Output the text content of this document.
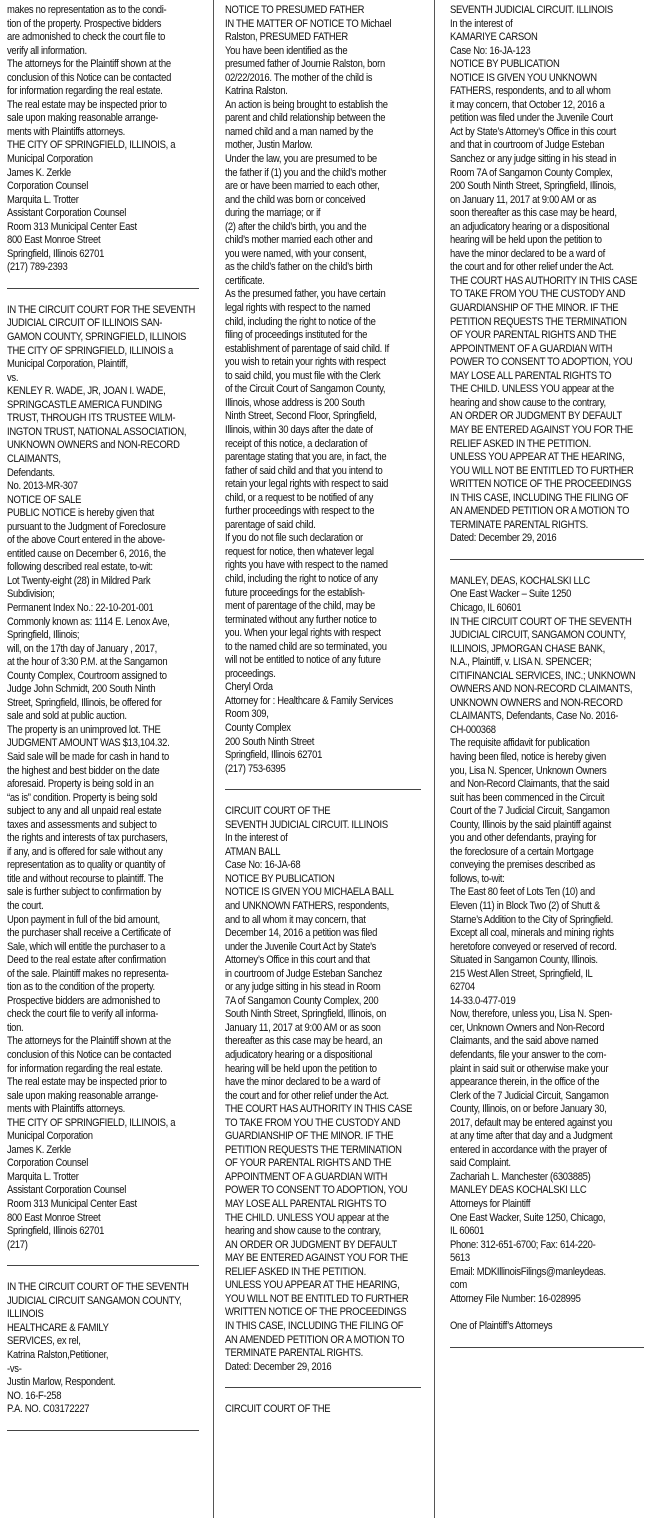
makes no representation as to the condi-

tion of the property. Prospective bidders

are admonished to check the court file to

verify all information.

The attorneys for the Plaintiff shown at the

conclusion of this Notice can be contacted

for information regarding the real estate.

The real estate may be inspected prior to

sale upon making reasonable arrange-

ments with Plaintiffs attorneys.

THE CITY OF SPRINGFIELD, ILLINOIS, a

Municipal Corporation

James K. Zerkle

Corporation Counsel

Marquita L. Trotter

Assistant Corporation Counsel

Room 313 Municipal Center East

800 East Monroe Street

Springfield, Illinois 62701

(217) 789-2393

IN THE CIRCUIT COURT FOR THE SEVENTH

JUDICIAL CIRCUIT OF ILLINOIS SAN-

GAMON COUNTY, SPRINGFIELD, ILLINOIS

THE CITY OF SPRINGFIELD, ILLINOIS a

Municipal Corporation, Plaintiff,

vs.

KENLEY R. WADE, JR, JOAN I. WADE,

SPRINGCASTLE AMERICA FUNDING

TRUST, THROUGH ITS TRUSTEE WILM-

INGTON TRUST, NATIONAL ASSOCIATION,

UNKNOWN OWNERS and NON-RECORD

CLAIMANTS,

Defendants.

No. 2013-MR-307

NOTICE OF SALE

PUBLIC NOTICE is hereby given that

pursuant to the Judgment of Foreclosure

of the above Court entered in the above-

entitled cause on December 6, 2016, the

following described real estate, to-wit:

Lot Twenty-eight (28) in Mildred Park

Subdivision;

Permanent Index No.: 22-10-201-001

Commonly known as: 1114 E. Lenox Ave,

Springfield, Illinois;

will, on the 17th day of January , 2017,

at the hour of 3:30 P.M. at the Sangamon

County Complex, Courtroom assigned to

Judge John Schmidt, 200 South Ninth

Street, Springfield, Illinois, be offered for

sale and sold at public auction.

The property is an unimproved lot. THE

JUDGMENT AMOUNT WAS $13,104.32.

Said sale will be made for cash in hand to

the highest and best bidder on the date

aforesaid. Property is being sold in an

“as is” condition. Property is being sold

subject to any and all unpaid real estate

taxes and assessments and subject to

the rights and interests of tax purchasers,

if any, and is offered for sale without any

representation as to quality or quantity of

title and without recourse to plaintiff. The

sale is further subject to confirmation by

the court.

Upon payment in full of the bid amount,

the purchaser shall receive a Certificate of

Sale, which will entitle the purchaser to a

Deed to the real estate after confirmation

of the sale. Plaintiff makes no representa-

tion as to the condition of the property.

Prospective bidders are admonished to

check the court file to verify all informa-

tion.

The attorneys for the Plaintiff shown at the

conclusion of this Notice can be contacted

for information regarding the real estate.

The real estate may be inspected prior to

sale upon making reasonable arrange-

ments with Plaintiffs attorneys.

THE CITY OF SPRINGFIELD, ILLINOIS, a

Municipal Corporation

James K. Zerkle

Corporation Counsel

Marquita L. Trotter

Assistant Corporation Counsel

Room 313 Municipal Center East

800 East Monroe Street

Springfield, Illinois 62701

(217)

IN THE CIRCUIT COURT OF THE SEVENTH

JUDICIAL CIRCUIT SANGAMON COUNTY,

ILLINOIS

HEALTHCARE & FAMILY

SERVICES, ex rel,

Katrina Ralston,Petitioner,

-vs-

Justin Marlow, Respondent.

NO. 16-F-258

P.A. NO. C03172227

NOTICE TO PRESUMED FATHER

IN THE MATTER OF NOTICE TO Michael

Ralston, PRESUMED FATHER

You have been identified as the

presumed father of Journie Ralston, born

02/22/2016. The mother of the child is

Katrina Ralston.

An action is being brought to establish the

parent and child relationship between the

named child and a man named by the

mother, Justin Marlow.

Under the law, you are presumed to be

the father if (1) you and the child’s mother

are or have been married to each other,

and the child was born or conceived

during the marriage; or if

(2) after the child’s birth, you and the

child’s mother married each other and

you were named, with your consent,

as the child’s father on the child’s birth

certificate.

As the presumed father, you have certain

legal rights with respect to the named

child, including the right to notice of the

filing of proceedings instituted for the

establishment of parentage of said child. If

you wish to retain your rights with respect

to said child, you must file with the Clerk

of the Circuit Court of Sangamon County,

Illinois, whose address is 200 South

Ninth Street, Second Floor, Springfield,

Illinois, within 30 days after the date of

receipt of this notice, a declaration of

parentage stating that you are, in fact, the

father of said child and that you intend to

retain your legal rights with respect to said

child, or a request to be notified of any

further proceedings with respect to the

parentage of said child.

If you do not file such declaration or

request for notice, then whatever legal

rights you have with respect to the named

child, including the right to notice of any

future proceedings for the establish-

ment of parentage of the child, may be

terminated without any further notice to

you. When your legal rights with respect

to the named child are so terminated, you

will not be entitled to notice of any future

proceedings.

Cheryl Orda

Attorney for : Healthcare & Family Services

Room 309,

County Complex

200 South Ninth Street

Springfield, Illinois 62701

(217) 753-6395

CIRCUIT COURT OF THE

SEVENTH JUDICIAL CIRCUIT. ILLINOIS

In the interest of

ATMAN BALL

Case No: 16-JA-68

NOTICE BY PUBLICATION

NOTICE IS GIVEN YOU MICHAELA BALL

and UNKNOWN FATHERS, respondents,

and to all whom it may concern, that

December 14, 2016 a petition was filed

under the Juvenile Court Act by State’s

Attorney’s Office in this court and that

in courtroom of Judge Esteban Sanchez

or any judge sitting in his stead in Room

7A of Sangamon County Complex, 200

South Ninth Street, Springfield, Illinois, on

January 11, 2017 at 9:00 AM or as soon

thereafter as this case may be heard, an

adjudicatory hearing or a dispositional

hearing will be held upon the petition to

have the minor declared to be a ward of

the court and for other relief under the Act.

THE COURT HAS AUTHORITY IN THIS CASE

TO TAKE FROM YOU THE CUSTODY AND

GUARDIANSHIP OF THE MINOR. IF THE

PETITION REQUESTS THE TERMINATION

OF YOUR PARENTAL RIGHTS AND THE

APPOINTMENT OF A GUARDIAN WITH

POWER TO CONSENT TO ADOPTION, YOU

MAY LOSE ALL PARENTAL RIGHTS TO

THE CHILD. UNLESS YOU appear at the

hearing and show cause to the contrary,

AN ORDER OR JUDGMENT BY DEFAULT

MAY BE ENTERED AGAINST YOU FOR THE

RELIEF ASKED IN THE PETITION.

UNLESS YOU APPEAR AT THE HEARING,

YOU WILL NOT BE ENTITLED TO FURTHER

WRITTEN NOTICE OF THE PROCEEDINGS

IN THIS CASE, INCLUDING THE FILING OF

AN AMENDED PETITION OR A MOTION TO

TERMINATE PARENTAL RIGHTS.

Dated: December 29, 2016

CIRCUIT COURT OF THE

SEVENTH JUDICIAL CIRCUIT. ILLINOIS

In the interest of

KAMARIYE CARSON

Case No: 16-JA-123

NOTICE BY PUBLICATION

NOTICE IS GIVEN YOU UNKNOWN

FATHERS, respondents, and to all whom

it may concern, that October 12, 2016 a

petition was filed under the Juvenile Court

Act by State’s Attorney’s Office in this court

and that in courtroom of Judge Esteban

Sanchez or any judge sitting in his stead in

Room 7A of Sangamon County Complex,

200 South Ninth Street, Springfield, Illinois,

on January 11, 2017 at 9:00 AM or as

soon thereafter as this case may be heard,

an adjudicatory hearing or a dispositional

hearing will be held upon the petition to

have the minor declared to be a ward of

the court and for other relief under the Act.

THE COURT HAS AUTHORITY IN THIS CASE

TO TAKE FROM YOU THE CUSTODY AND

GUARDIANSHIP OF THE MINOR. IF THE

PETITION REQUESTS THE TERMINATION

OF YOUR PARENTAL RIGHTS AND THE

APPOINTMENT OF A GUARDIAN WITH

POWER TO CONSENT TO ADOPTION, YOU

MAY LOSE ALL PARENTAL RIGHTS TO

THE CHILD. UNLESS YOU appear at the

hearing and show cause to the contrary,

AN ORDER OR JUDGMENT BY DEFAULT

MAY BE ENTERED AGAINST YOU FOR THE

RELIEF ASKED IN THE PETITION.

UNLESS YOU APPEAR AT THE HEARING,

YOU WILL NOT BE ENTITLED TO FURTHER

WRITTEN NOTICE OF THE PROCEEDINGS

IN THIS CASE, INCLUDING THE FILING OF

AN AMENDED PETITION OR A MOTION TO

TERMINATE PARENTAL RIGHTS.

Dated: December 29, 2016

MANLEY, DEAS, KOCHALSKI LLC

One East Wacker – Suite 1250

Chicago, IL 60601

IN THE CIRCUIT COURT OF THE SEVENTH

JUDICIAL CIRCUIT, SANGAMON COUNTY,

ILLINOIS, JPMORGAN CHASE BANK,

N.A., Plaintiff, v. LISA N. SPENCER;

CITIFINANCIAL SERVICES, INC.; UNKNOWN

OWNERS AND NON-RECORD CLAIMANTS,

UNKNOWN OWNERS and NON-RECORD

CLAIMANTS, Defendants, Case No. 2016-

CH-000368

The requisite affidavit for publication

having been filed, notice is hereby given

you, Lisa N. Spencer, Unknown Owners

and Non-Record Claimants, that the said

suit has been commenced in the Circuit

Court of the 7 Judicial Circuit, Sangamon

County, Illinois by the said plaintiff against

you and other defendants, praying for

the foreclosure of a certain Mortgage

conveying the premises described as

follows, to-wit:

The East 80 feet of Lots Ten (10) and

Eleven (11) in Block Two (2) of Shutt &

Starne’s Addition to the City of Springfield.

Except all coal, minerals and mining rights

heretofore conveyed or reserved of record.

Situated in Sangamon County, Illinois.

215 West Allen Street, Springfield, IL

62704

14-33.0-477-019

Now, therefore, unless you, Lisa N. Spen-

cer, Unknown Owners and Non-Record

Claimants, and the said above named

defendants, file your answer to the com-

plaint in said suit or otherwise make your

appearance therein, in the office of the

Clerk of the 7 Judicial Circuit, Sangamon

County, Illinois, on or before January 30,

2017, default may be entered against you

at any time after that day and a Judgment

entered in accordance with the prayer of

said Complaint.

Zachariah L. Manchester (6303885)

MANLEY DEAS KOCHALSKI LLC

Attorneys for Plaintiff

One East Wacker, Suite 1250, Chicago,

IL 60601

Phone: 312-651-6700; Fax: 614-220-

5613

Email: MDKIllinoisFilings@manleydeas.

com

Attorney File Number: 16-028995

One of Plaintiff’s Attorneys
